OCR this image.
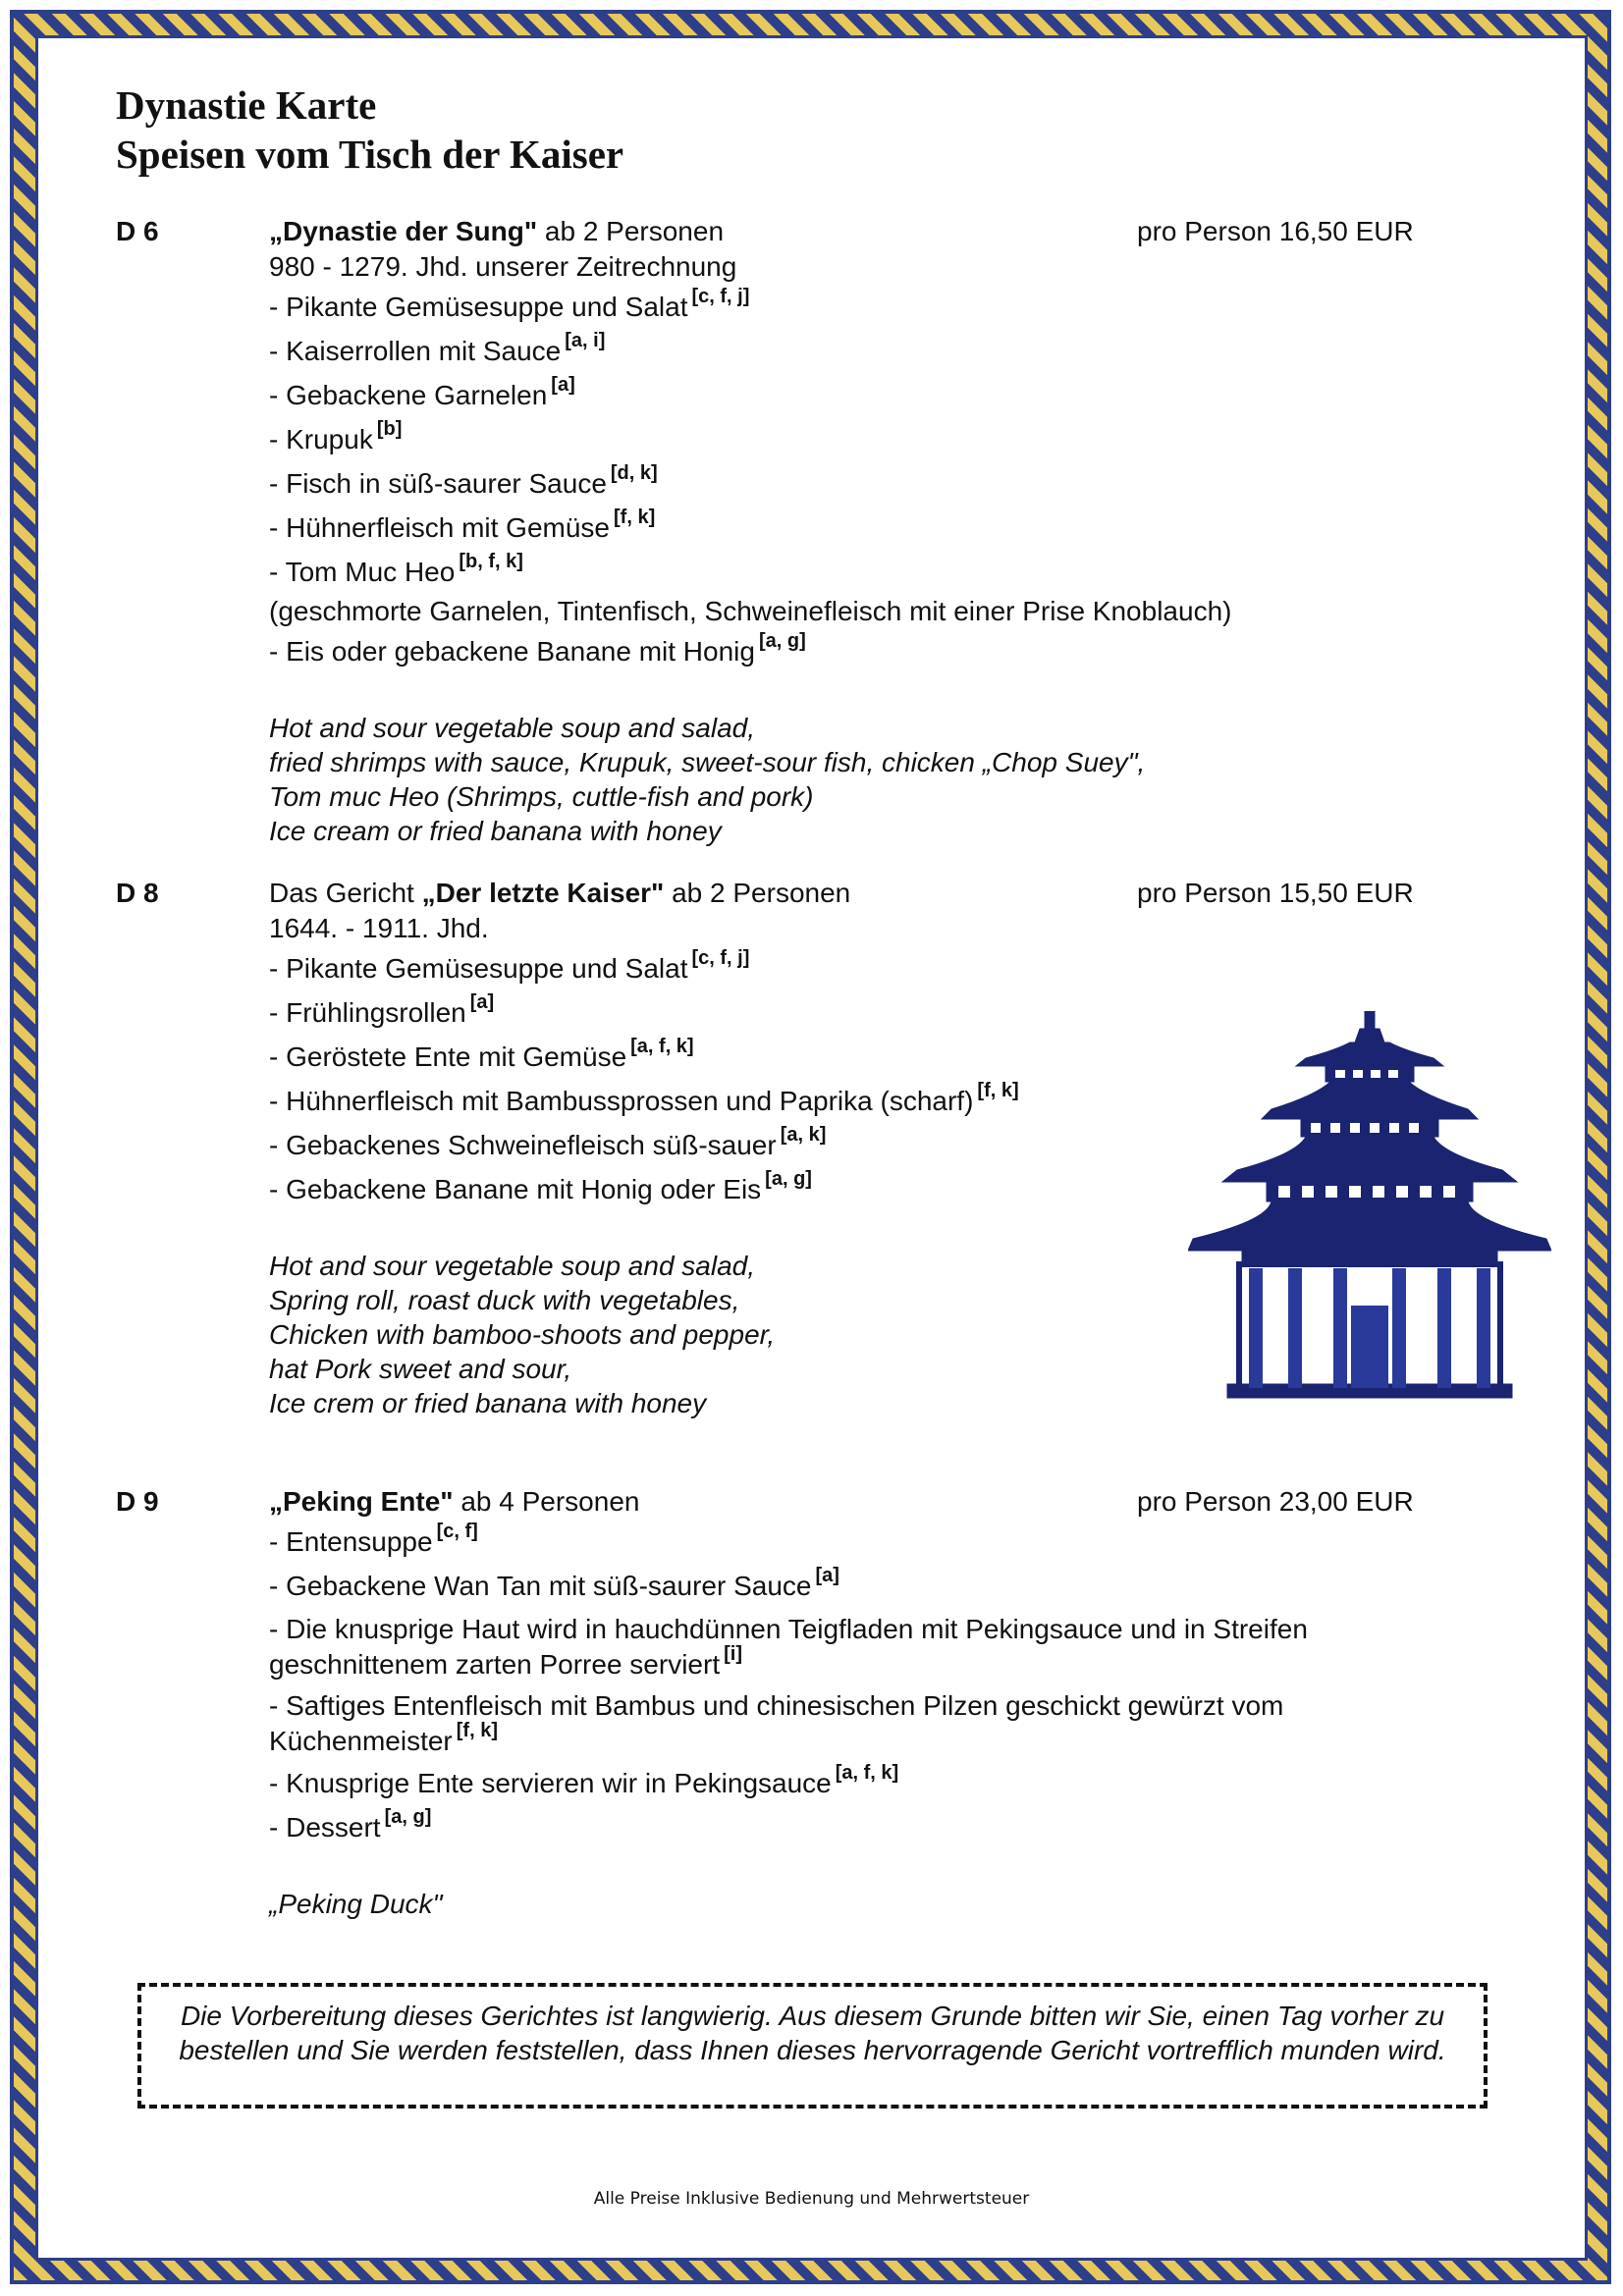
Dynastie Karte
Speisen vom Tisch der Kaiser
D 6	pro Person 16,50 EUR
„Dynastie der Sung" ab 2 Personen
980 - 1279. Jhd. unserer Zeitrechnung
- Pikante Gemüsesuppe und Salat [c, f, j]
- Kaiserrollen mit Sauce [a, i]
- Gebackene Garnelen [a]
- Krupuk [b]
- Fisch in süß-saurer Sauce [d, k]
- Hühnerfleisch mit Gemüse [f, k]
- Tom Muc Heo [b, f, k]
(geschmorte Garnelen, Tintenfisch, Schweinefleisch mit einer Prise Knoblauch)
- Eis oder gebackene Banane mit Honig [a, g]
Hot and sour vegetable soup and salad,
fried shrimps with sauce, Krupuk, sweet-sour fish, chicken „Chop Suey",
Tom muc Heo (Shrimps, cuttle-fish and pork)
Ice cream or fried banana with honey
D 8	pro Person 15,50 EUR
Das Gericht „Der letzte Kaiser" ab 2 Personen
1644. - 1911. Jhd.
- Pikante Gemüsesuppe und Salat [c, f, j]
- Frühlingsrollen [a]
- Geröstete Ente mit Gemüse [a, f, k]
- Hühnerfleisch mit Bambussprossen und Paprika (scharf) [f, k]
- Gebackenes Schweinefleisch süß-sauer [a, k]
- Gebackene Banane mit Honig oder Eis [a, g]
Hot and sour vegetable soup and salad,
Spring roll, roast duck with vegetables,
Chicken with bamboo-shoots and pepper,
hat Pork sweet and sour,
Ice crem or fried banana with honey
D 9	pro Person 23,00 EUR
„Peking Ente" ab 4 Personen
- Entensuppe [c, f]
- Gebackene Wan Tan mit süß-saurer Sauce [a]
- Die knusprige Haut wird in hauchdünnen Teigfladen mit Pekingsauce und in Streifen geschnittenem zarten Porree serviert [i]
- Saftiges Entenfleisch mit Bambus und chinesischen Pilzen geschickt gewürzt vom Küchenmeister [f, k]
- Knusprige Ente servieren wir in Pekingsauce [a, f, k]
- Dessert [a, g]
„Peking Duck"
Die Vorbereitung dieses Gerichtes ist langwierig. Aus diesem Grunde bitten wir Sie, einen Tag vorher zu bestellen und Sie werden feststellen, dass Ihnen dieses hervorragende Gericht vortrefflich munden wird.
Alle Preise Inklusive Bedienung und Mehrwertsteuer
